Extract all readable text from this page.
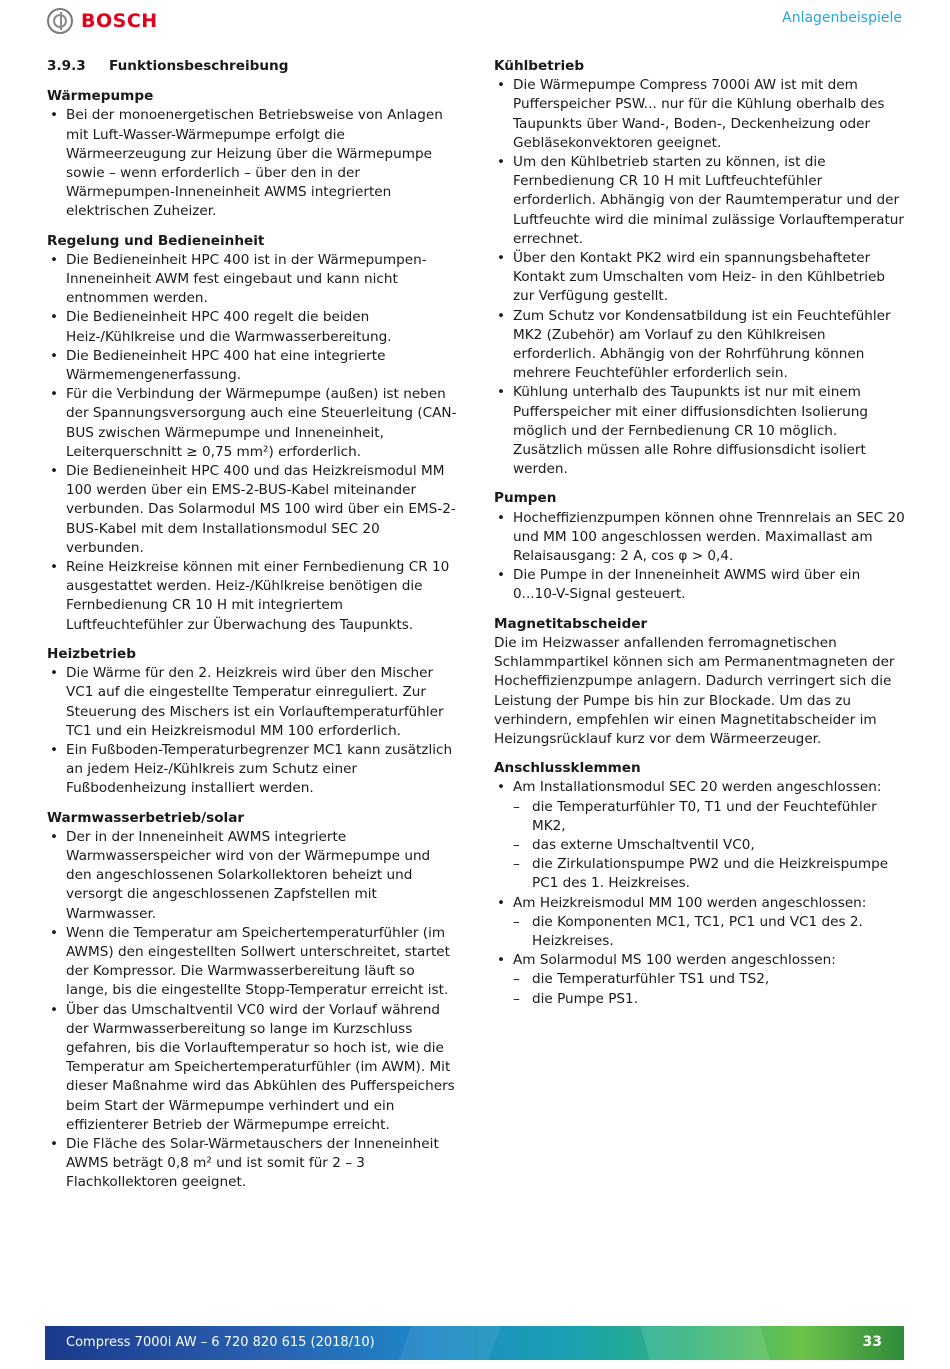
BOSCH	Anlagenbeispiele
3.9.3	Funktionsbeschreibung

Wärmepumpe

• Bei der monoenergetischen Betriebsweise von Anlagen mit Luft-Wasser-Wärmepumpe erfolgt die Wärmeerzeugung zur Heizung über die Wärmepumpe sowie – wenn erforderlich – über den in der Wärmepumpen-Inneneinheit AWMS integrierten elektrischen Zuheizer.

Regelung und Bedieneinheit

• Die Bedieneinheit HPC 400 ist in der Wärmepumpen-Inneneinheit AWM fest eingebaut und kann nicht entnommen werden.
• Die Bedieneinheit HPC 400 regelt die beiden Heiz-/Kühlkreise und die Warmwasserbereitung.
• Die Bedieneinheit HPC 400 hat eine integrierte Wärmemengenerfassung.
• Für die Verbindung der Wärmepumpe (außen) ist neben der Spannungsversorgung auch eine Steuerleitung (CAN-BUS zwischen Wärmepumpe und Inneneinheit, Leiterquerschnitt ≥ 0,75 mm²) erforderlich.
• Die Bedieneinheit HPC 400 und das Heizkreismodul MM 100 werden über ein EMS-2-BUS-Kabel miteinander verbunden. Das Solarmodul MS 100 wird über ein EMS-2- BUS-Kabel mit dem Installationsmodul SEC 20 verbunden.
• Reine Heizkreise können mit einer Fernbedienung CR 10 ausgestattet werden. Heiz-/Kühlkreise benötigen die Fernbedienung CR 10 H mit integriertem Luftfeuchtefühler zur Überwachung des Taupunkts.

Heizbetrieb

• Die Wärme für den 2. Heizkreis wird über den Mischer VC1 auf die eingestellte Temperatur einreguliert. Zur Steuerung des Mischers ist ein Vorlauftemperaturfühler TC1 und ein Heizkreismodul MM 100 erforderlich.
• Ein Fußboden-Temperaturbegrenzer MC1 kann zusätzlich an jedem Heiz-/Kühlkreis zum Schutz einer Fußbodenheizung installiert werden.

Warmwasserbetrieb/solar

• Der in der Inneneinheit AWMS integrierte Warmwasserspeicher wird von der Wärmepumpe und den angeschlossenen Solarkollektoren beheizt und versorgt die angeschlossenen Zapfstellen mit Warmwasser.
• Wenn die Temperatur am Speichertemperaturfühler (im AWMS) den eingestellten Sollwert unterschreitet, startet der Kompressor. Die Warmwasserbereitung läuft so lange, bis die eingestellte Stopp-Temperatur erreicht ist.
• Über das Umschaltventil VC0 wird der Vorlauf während der Warmwasserbereitung so lange im Kurzschluss gefahren, bis die Vorlauftemperatur so hoch ist, wie die Temperatur am Speichertemperaturfühler (im AWM). Mit dieser Maßnahme wird das Abkühlen des Pufferspeichers beim Start der Wärmepumpe verhindert und ein effizienterer Betrieb der Wärmepumpe erreicht.
• Die Fläche des Solar-Wärmetauschers der Inneneinheit AWMS beträgt 0,8 m² und ist somit für 2 – 3 Flachkollektoren geeignet.

Kühlbetrieb

• Die Wärmepumpe Compress 7000i AW ist mit dem Pufferspeicher PSW... nur für die Kühlung oberhalb des Taupunkts über Wand-, Boden-, Deckenheizung oder Gebläsekonvektoren geeignet.
• Um den Kühlbetrieb starten zu können, ist die Fernbedienung CR 10 H mit Luftfeuchtefühler erforderlich. Abhängig von der Raumtemperatur und der Luftfeuchte wird die minimal zulässige Vorlauftemperatur errechnet.
• Über den Kontakt PK2 wird ein spannungsbehafteter Kontakt zum Umschalten vom Heiz- in den Kühlbetrieb zur Verfügung gestellt.
• Zum Schutz vor Kondensatbildung ist ein Feuchtefühler MK2 (Zubehör) am Vorlauf zu den Kühlkreisen erforderlich. Abhängig von der Rohrführung können mehrere Feuchtefühler erforderlich sein.
• Kühlung unterhalb des Taupunkts ist nur mit einem Pufferspeicher mit einer diffusionsdichten Isolierung möglich und der Fernbedienung CR 10 möglich. Zusätzlich müssen alle Rohre diffusionsdicht isoliert werden.

Pumpen

• Hocheffizienzpumpen können ohne Trennrelais an SEC 20 und MM 100 angeschlossen werden. Maximallast am Relaisausgang: 2 A, cos φ > 0,4.
• Die Pumpe in der Inneneinheit AWMS wird über ein 0...10-V-Signal gesteuert.

Magnetitabscheider

Die im Heizwasser anfallenden ferromagnetischen Schlammpartikel können sich am Permanentmagneten der Hocheffizienzpumpe anlagern. Dadurch verringert sich die Leistung der Pumpe bis hin zur Blockade. Um das zu verhindern, empfehlen wir einen Magnetitabscheider im Heizungsrücklauf kurz vor dem Wärmeerzeuger.

Anschlussklemmen

• Am Installationsmodul SEC 20 werden angeschlossen:
– die Temperaturfühler T0, T1 und der Feuchtefühler MK2,
– das externe Umschaltventil VC0,
– die Zirkulationspumpe PW2 und die Heizkreispumpe PC1 des 1. Heizkreises.
• Am Heizkreismodul MM 100 werden angeschlossen:
– die Komponenten MC1, TC1, PC1 und VC1 des 2. Heizkreises.
• Am Solarmodul MS 100 werden angeschlossen:
– die Temperaturfühler TS1 und TS2,
– die Pumpe PS1.
Compress 7000i AW – 6 720 820 615 (2018/10)	33
